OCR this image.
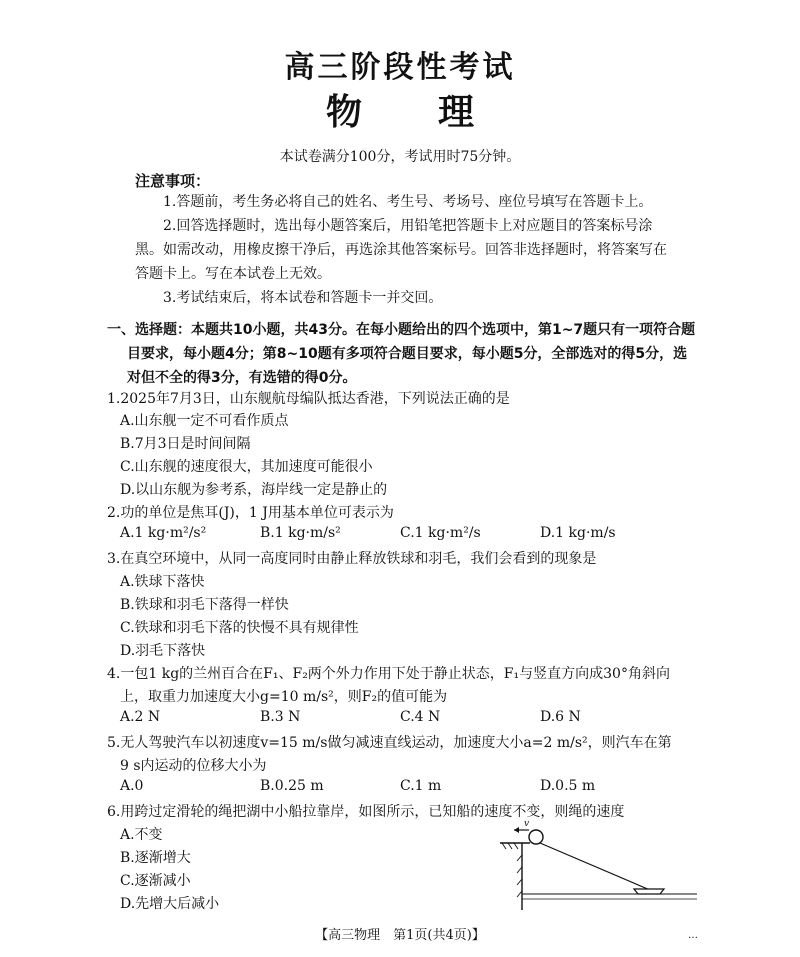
高三阶段性考试
物 理
本试卷满分100分，考试用时75分钟。
注意事项：
1.答题前，考生务必将自己的姓名、考生号、考场号、座位号填写在答题卡上。
2.回答选择题时，选出每小题答案后，用铅笔把答题卡上对应题目的答案标号涂
黑。如需改动，用橡皮擦干净后，再选涂其他答案标号。回答非选择题时，将答案写在
答题卡上。写在本试卷上无效。
3.考试结束后，将本试卷和答题卡一并交回。
一、选择题：本题共10小题，共43分。在每小题给出的四个选项中，第1~7题只有一项符合题
目要求，每小题4分；第8~10题有多项符合题目要求，每小题5分，全部选对的得5分，选
对但不全的得3分，有选错的得0分。
1.2025年7月3日，山东舰航母编队抵达香港，下列说法正确的是
A.山东舰一定不可看作质点
B.7月3日是时间间隔
C.山东舰的速度很大，其加速度可能很小
D.以山东舰为参考系，海岸线一定是静止的
2.功的单位是焦耳(J)，1 J用基本单位可表示为
A.1 kg·m²/s²	B.1 kg·m/s²	C.1 kg·m²/s	D.1 kg·m/s
3.在真空环境中，从同一高度同时由静止释放铁球和羽毛，我们会看到的现象是
A.铁球下落快
B.铁球和羽毛下落得一样快
C.铁球和羽毛下落的快慢不具有规律性
D.羽毛下落快
4.一包1 kg的兰州百合在F₁、F₂两个外力作用下处于静止状态，F₁与竖直方向成30°角斜向
上，取重力加速度大小g=10 m/s²，则F₂的值可能为
A.2 N	B.3 N	C.4 N	D.6 N
5.无人驾驶汽车以初速度v=15 m/s做匀减速直线运动，加速度大小a=2 m/s²，则汽车在第
9 s内运动的位移大小为
A.0	B.0.25 m	C.1 m	D.0.5 m
6.用跨过定滑轮的绳把湖中小船拉靠岸，如图所示，已知船的速度不变，则绳的速度
A.不变
B.逐渐增大
C.逐渐减小
D.先增大后减小
v
【高三物理　第1页(共4页)】	…
